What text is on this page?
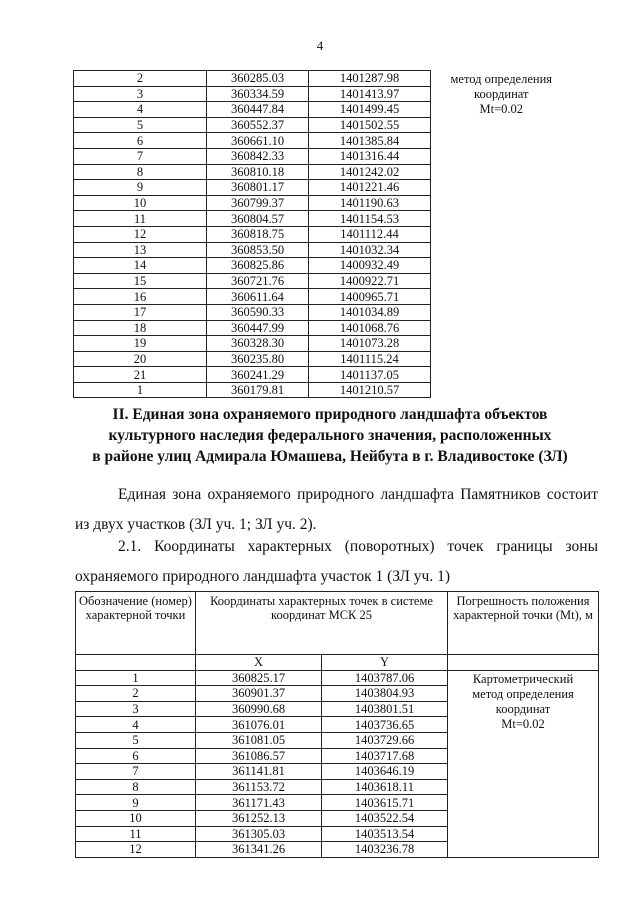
4
2	360285.03	1401287.98	метод определения
координат
Mt=0.02

3	360334.59	1401413.97	
4	360447.84	1401499.45	
5	360552.37	1401502.55	
6	360661.10	1401385.84	
7	360842.33	1401316.44	
8	360810.18	1401242.02	
9	360801.17	1401221.46	
10	360799.37	1401190.63	
11	360804.57	1401154.53	
12	360818.75	1401112.44	
13	360853.50	1401032.34	
14	360825.86	1400932.49	
15	360721.76	1400922.71	
16	360611.64	1400965.71	
17	360590.33	1401034.89	
18	360447.99	1401068.76	
19	360328.30	1401073.28	
20	360235.80	1401115.24	
21	360241.29	1401137.05	
1	360179.81	1401210.57	
II. Единая зона охраняемого природного ландшафта объектов
культурного наследия федерального значения, расположенных
в районе улиц Адмирала Юмашева, Нейбута в г. Владивостоке (ЗЛ)
Единая зона охраняемого природного ландшафта Памятников состоит из двух участков (ЗЛ уч. 1; ЗЛ уч. 2).
2.1. Координаты характерных (поворотных) точек границы зоны охраняемого природного ландшафта участок 1 (ЗЛ уч. 1)
Обозначение (номер) характерной точки	Координаты характерных точек в системе координат МСК 25		Погрешность положения характерной точки (Mt), м
	X	Y	
1	360825.17	1403787.06	Картометрический
метод определения
координат
Mt=0.02

2	360901.37	1403804.93	
3	360990.68	1403801.51	
4	361076.01	1403736.65	
5	361081.05	1403729.66	
6	361086.57	1403717.68	
7	361141.81	1403646.19	
8	361153.72	1403618.11	
9	361171.43	1403615.71	
10	361252.13	1403522.54	
11	361305.03	1403513.54	
12	361341.26	1403236.78	
